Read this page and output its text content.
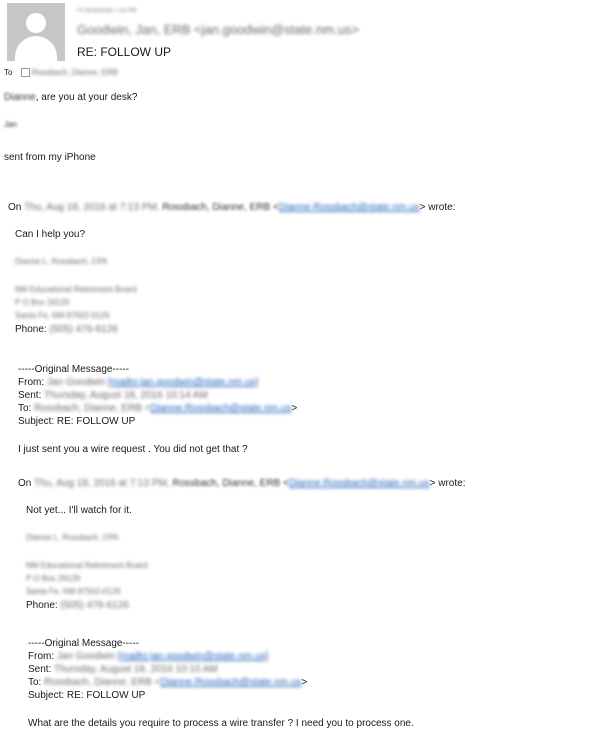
Fri 8/19/2016 7:15 PM
Goodwin, Jan, ERB <jan.goodwin@state.nm.us>
RE: FOLLOW UP
To Rossbach, Dianne, ERB
Dianne, are you at your desk?
Jan
sent from my iPhone
On Thu, Aug 18, 2016 at 7:13 PM, Rossbach, Dianne, ERB <Dianne.Rossbach@state.nm.us> wrote:
Can I help you?
Dianne L. Rossbach, CPA
NM Educational Retirement Board
P O Box 26129
Santa Fe, NM 87502-0129
Phone: (505) 476-6126
-----Original Message-----
From: Jan Goodwin [mailto:jan.goodwin@state.nm.us]
Sent: Thursday, August 18, 2016 10:14 AM
To: Rossbach, Dianne, ERB <Dianne.Rossbach@state.nm.us>
Subject: RE: FOLLOW UP
I just sent you a wire request . You did not get that ?
On Thu, Aug 18, 2016 at 7:13 PM, Rossbach, Dianne, ERB <Dianne.Rossbach@state.nm.us> wrote:
Not yet... I'll watch for it.
Dianne L. Rossbach, CPA
NM Educational Retirement Board
P O Box 26129
Santa Fe, NM 87502-0129
Phone: (505) 476-6126
-----Original Message-----
From: Jan Goodwin [mailto:jan.goodwin@state.nm.us]
Sent: Thursday, August 18, 2016 10:10 AM
To: Rossbach, Dianne, ERB <Dianne.Rossbach@state.nm.us>
Subject: RE: FOLLOW UP
What are the details you require to process a wire transfer ? I need you to process one.
